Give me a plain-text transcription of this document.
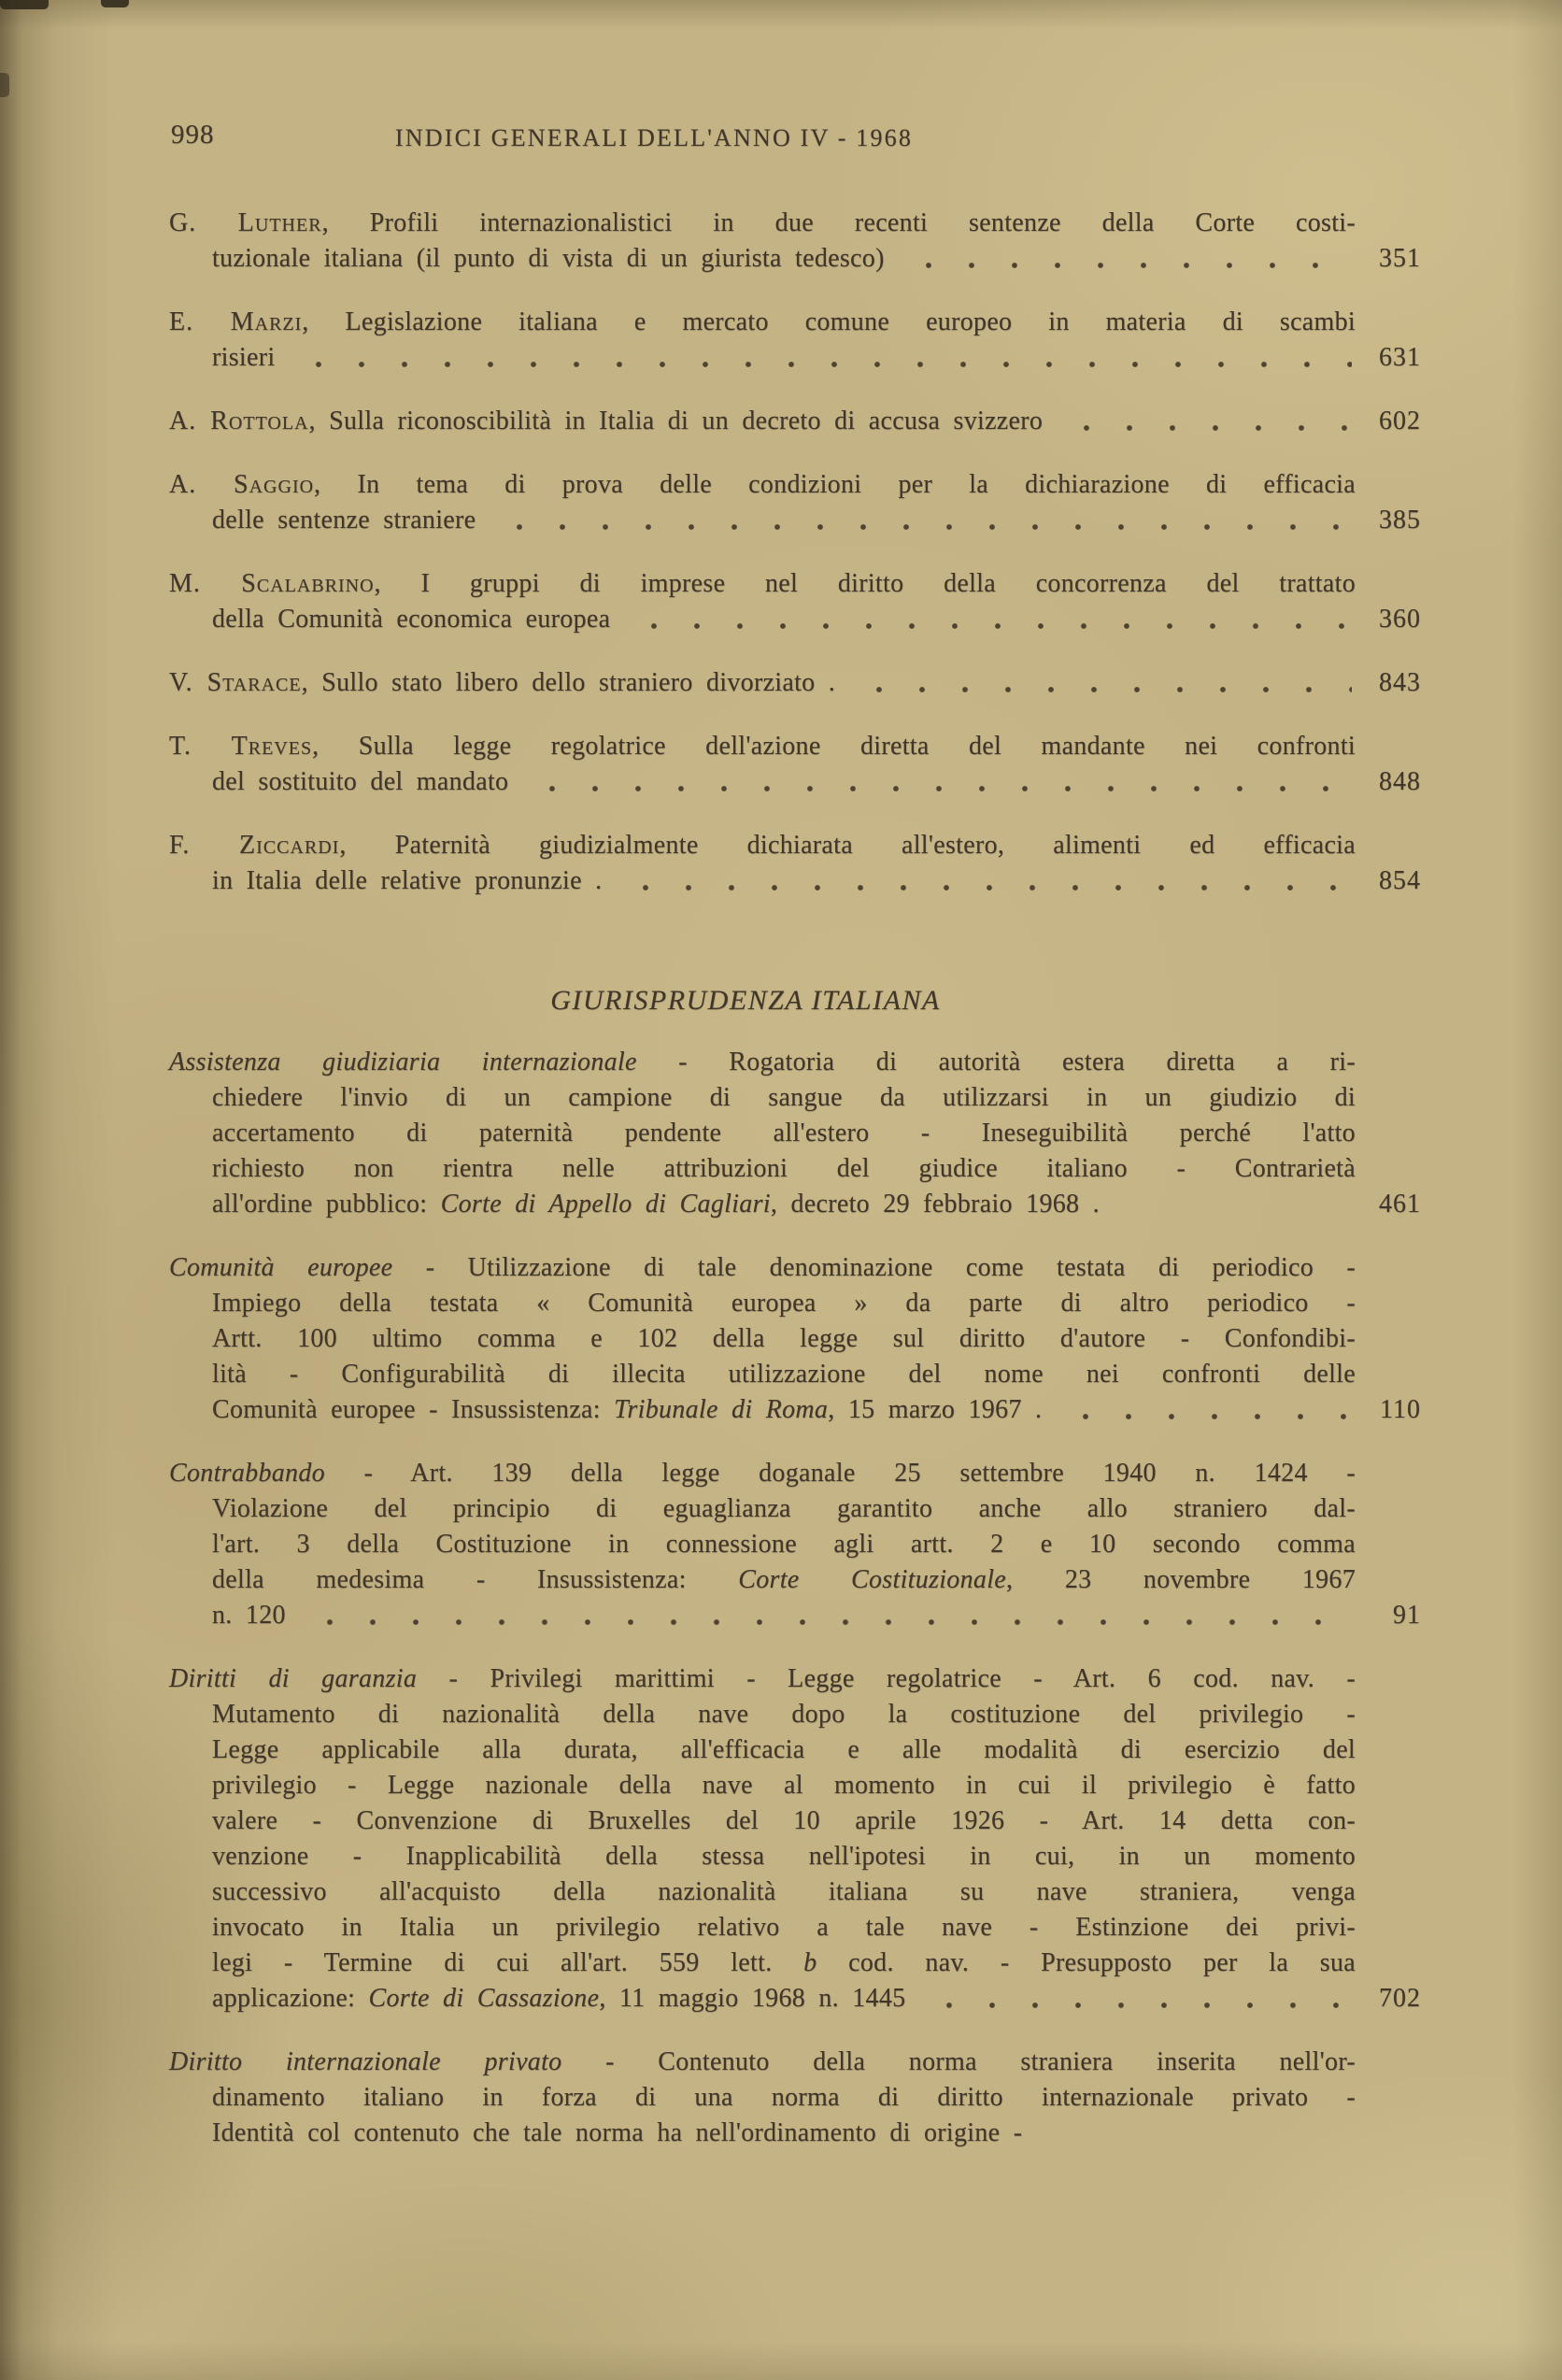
998	INDICI GENERALI DELL'ANNO IV - 1968
G. Luther, Profili internazionalistici in due recenti sentenze della Corte costi-
tuzionale italiana (il punto di vista di un giurista tedesco)	351
E. Marzi, Legislazione italiana e mercato comune europeo in materia di scambi
risieri	631
A. Rottola, Sulla riconoscibilità in Italia di un decreto di accusa svizzero	602
A. Saggio, In tema di prova delle condizioni per la dichiarazione di efficacia
delle sentenze straniere	385
M. Scalabrino, I gruppi di imprese nel diritto della concorrenza del trattato
della Comunità economica europea	360
V. Starace, Sullo stato libero dello straniero divorziato .	843
T. Treves, Sulla legge regolatrice dell'azione diretta del mandante nei confronti
del sostituito del mandato	848
F. Ziccardi, Paternità giudizialmente dichiarata all'estero, alimenti ed efficacia
in Italia delle relative pronunzie .	854
GIURISPRUDENZA ITALIANA
Assistenza giudiziaria internazionale - Rogatoria di autorità estera diretta a ri-
chiedere l'invio di un campione di sangue da utilizzarsi in un giudizio di
accertamento di paternità pendente all'estero - Ineseguibilità perché l'atto
richiesto non rientra nelle attribuzioni del giudice italiano - Contrarietà
all'ordine pubblico: Corte di Appello di Cagliari, decreto 29 febbraio 1968 .	461
Comunità europee - Utilizzazione di tale denominazione come testata di periodico -
Impiego della testata « Comunità europea » da parte di altro periodico -
Artt. 100 ultimo comma e 102 della legge sul diritto d'autore - Confondibi-
lità - Configurabilità di illecita utilizzazione del nome nei confronti delle
Comunità europee - Insussistenza: Tribunale di Roma, 15 marzo 1967 .	110
Contrabbando - Art. 139 della legge doganale 25 settembre 1940 n. 1424 -
Violazione del principio di eguaglianza garantito anche allo straniero dal-
l'art. 3 della Costituzione in connessione agli artt. 2 e 10 secondo comma
della medesima - Insussistenza: Corte Costituzionale, 23 novembre 1967
n. 120	91
Diritti di garanzia - Privilegi marittimi - Legge regolatrice - Art. 6 cod. nav. -
Mutamento di nazionalità della nave dopo la costituzione del privilegio -
Legge applicabile alla durata, all'efficacia e alle modalità di esercizio del
privilegio - Legge nazionale della nave al momento in cui il privilegio è fatto
valere - Convenzione di Bruxelles del 10 aprile 1926 - Art. 14 detta con-
venzione - Inapplicabilità della stessa nell'ipotesi in cui, in un momento
successivo all'acquisto della nazionalità italiana su nave straniera, venga
invocato in Italia un privilegio relativo a tale nave - Estinzione dei privi-
legi - Termine di cui all'art. 559 lett. b cod. nav. - Presupposto per la sua
applicazione: Corte di Cassazione, 11 maggio 1968 n. 1445	702
Diritto internazionale privato - Contenuto della norma straniera inserita nell'or-
dinamento italiano in forza di una norma di diritto internazionale privato -
Identità col contenuto che tale norma ha nell'ordinamento di origine -
